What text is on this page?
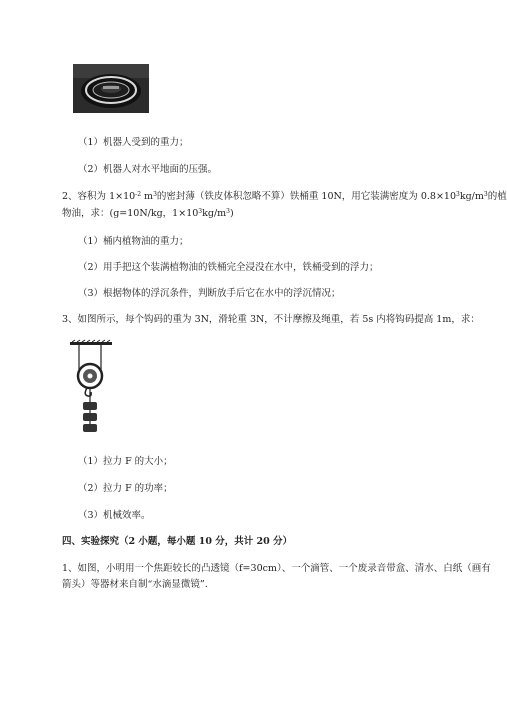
（1）机器人受到的重力；
（2）机器人对水平地面的压强。
2、容积为 $1\times 10^{-2}$ $m^3$的密封薄（铁皮体积忽略不算）铁桶重 10N，用它装满密度为 $0.8\times 10^3kg/m^3$的植
物油，求：(g=10N/kg，$1\times 10^3kg/m^3$)
（1）桶内植物油的重力；
（2）用手把这个装满植物油的铁桶完全浸没在水中，铁桶受到的浮力；
（3）根据物体的浮沉条件，判断放手后它在水中的浮沉情况；
3、如图所示，每个钩码的重为 3N，滑轮重 3N，不计摩擦及绳重，若 5s 内将钩码提高 1m，求：
（1）拉力 F 的大小；
（2）拉力 F 的功率；
（3）机械效率。
四、实验探究（2 小题，每小题 10 分，共计 20 分）
1、如图，小明用一个焦距较长的凸透镜（f=30cm）、一个滴管、一个废录音带盒、清水、白纸（画有
箭头）等器材来自制“水滴显微镜”.
